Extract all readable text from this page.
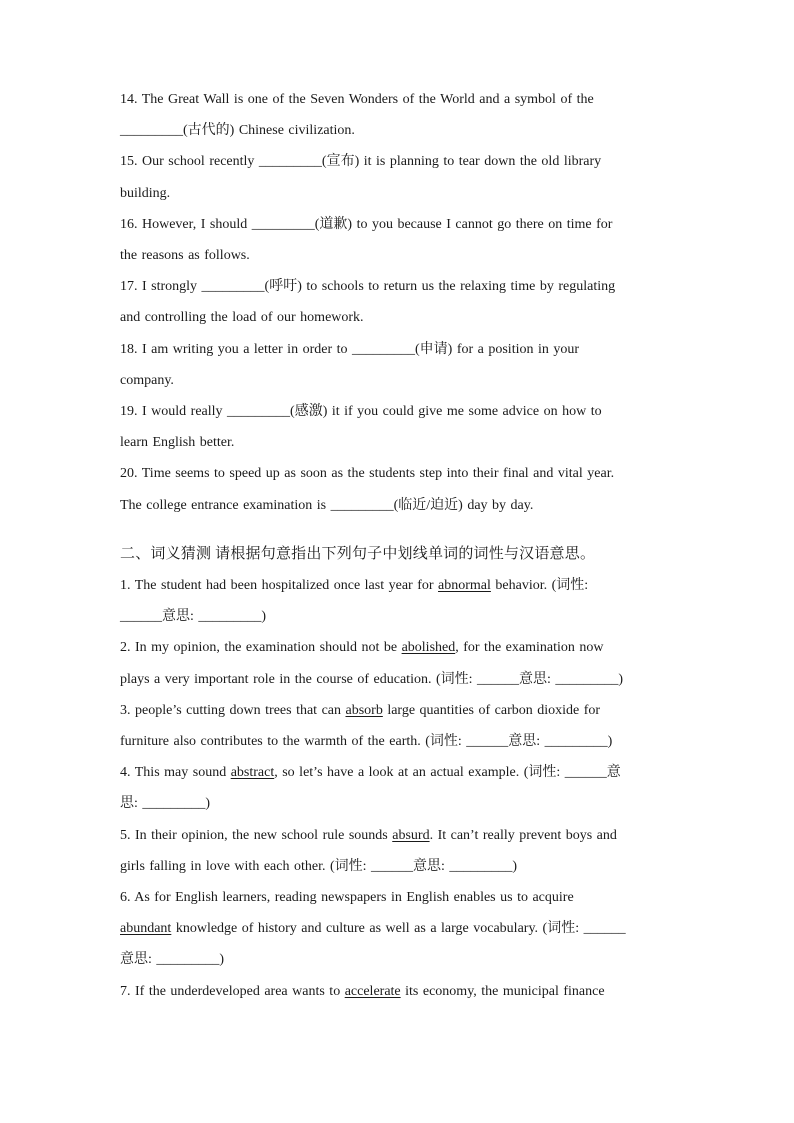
14. The Great Wall is one of the Seven Wonders of the World and a symbol of the
_________(古代的) Chinese civilization.
15. Our school recently _________(宣布) it is planning to tear down the old library
building.
16. However, I should _________(道歉) to you because I cannot go there on time for
the reasons as follows.
17. I strongly _________(呼吁) to schools to return us the relaxing time by regulating
and controlling the load of our homework.
18. I am writing you a letter in order to _________(申请) for a position in your
company.
19. I would really _________(感激) it if you could give me some advice on how to
learn English better.
20. Time seems to speed up as soon as the students step into their final and vital year.
The college entrance examination is _________(临近/迫近) day by day.
二、词义猜测 请根据句意指出下列句子中划线单词的词性与汉语意思。
1. The student had been hospitalized once last year for abnormal behavior. (词性:
______意思: _________)
2. In my opinion, the examination should not be abolished, for the examination now
plays a very important role in the course of education. (词性: ______意思: _________)
3. people’s cutting down trees that can absorb large quantities of carbon dioxide for
furniture also contributes to the warmth of the earth. (词性: ______意思: _________)
4. This may sound abstract, so let’s have a look at an actual example. (词性: ______意
思: _________)
5. In their opinion, the new school rule sounds absurd. It can’t really prevent boys and
girls falling in love with each other. (词性: ______意思: _________)
6. As for English learners, reading newspapers in English enables us to acquire
abundant knowledge of history and culture as well as a large vocabulary. (词性: ______
意思: _________)
7. If the underdeveloped area wants to accelerate its economy, the municipal finance
